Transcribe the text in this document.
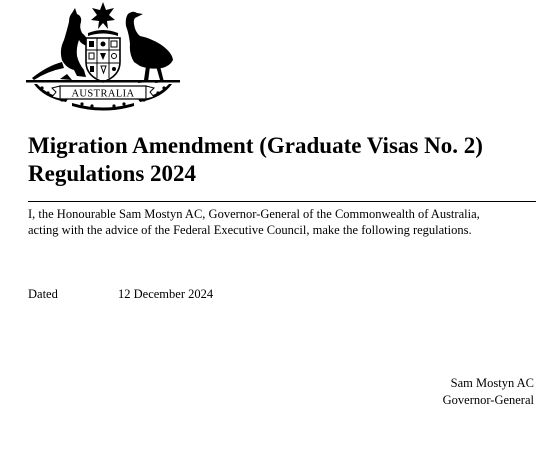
AUSTRALIA
Migration Amendment (Graduate Visas No. 2)
Regulations 2024

I, the Honourable Sam Mostyn AC, Governor-General of the Commonwealth of Australia,
acting with the advice of the Federal Executive Council, make the following regulations.

Dated	12 December 2024
Sam Mostyn AC
Governor-General
